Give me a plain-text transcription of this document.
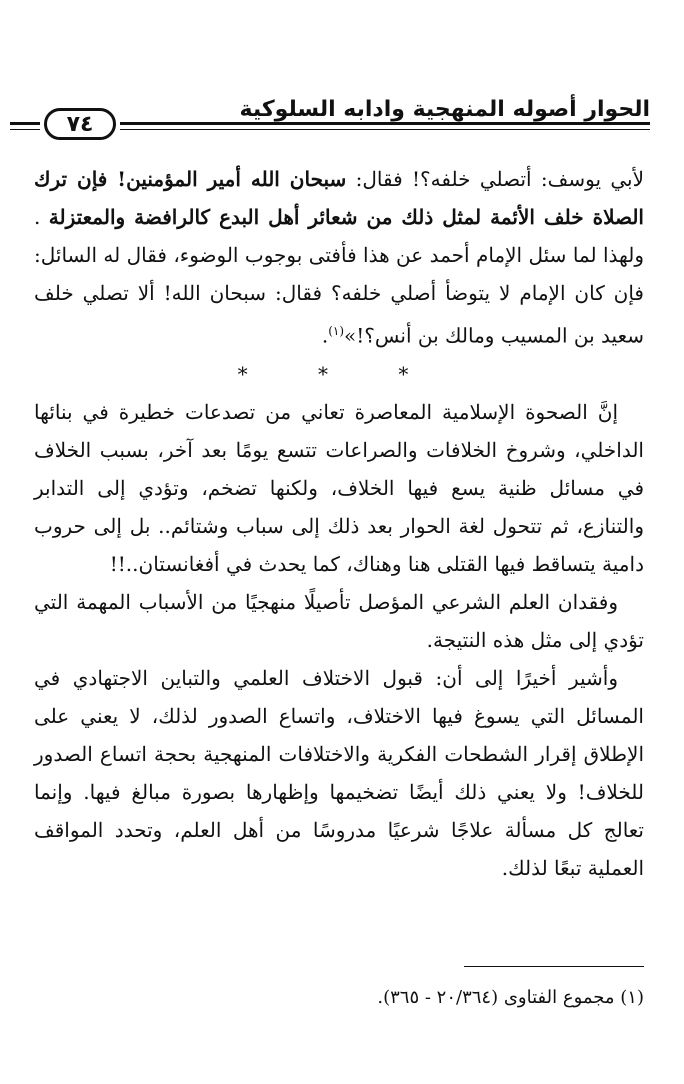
الحوار أصوله المنهجية وادابه السلوكية
٧٤

لأبي يوسف: أتصلي خلفه؟! فقال: سبحان الله أمير المؤمنين! فإن ترك الصلاة خلف الأئمة لمثل ذلك من شعائر أهل البدع كالرافضة والمعتزلة . ولهذا لما سئل الإمام أحمد عن هذا فأفتى بوجوب الوضوء، فقال له السائل: فإن كان الإمام لا يتوضأ أصلي خلفه؟ فقال: سبحان الله! ألا تصلي خلف سعيد بن المسيب ومالك بن أنس؟!»$^{(١)}$.

* * *

إنَّ الصحوة الإسلامية المعاصرة تعاني من تصدعات خطيرة في بنائها الداخلي، وشروخ الخلافات والصراعات تتسع يومًا بعد آخر، بسبب الخلاف في مسائل ظنية يسع فيها الخلاف، ولكنها تضخم، وتؤدي إلى التدابر والتنازع، ثم تتحول لغة الحوار بعد ذلك إلى سباب وشتائم.. بل إلى حروب دامية يتساقط فيها القتلى هنا وهناك، كما يحدث في أفغانستان..!!

وفقدان العلم الشرعي المؤصل تأصيلًا منهجيًا من الأسباب المهمة التي تؤدي إلى مثل هذه النتيجة.

وأشير أخيرًا إلى أن: قبول الاختلاف العلمي والتباين الاجتهادي في المسائل التي يسوغ فيها الاختلاف، واتساع الصدور لذلك، لا يعني على الإطلاق إقرار الشطحات الفكرية والاختلافات المنهجية بحجة اتساع الصدور للخلاف! ولا يعني ذلك أيضًا تضخيمها وإظهارها بصورة مبالغ فيها. وإنما تعالج كل مسألة علاجًا شرعيًا مدروسًا من أهل العلم، وتحدد المواقف العملية تبعًا لذلك.

(١) مجموع الفتاوى (٢٠/٣٦٤ - ٣٦٥).
